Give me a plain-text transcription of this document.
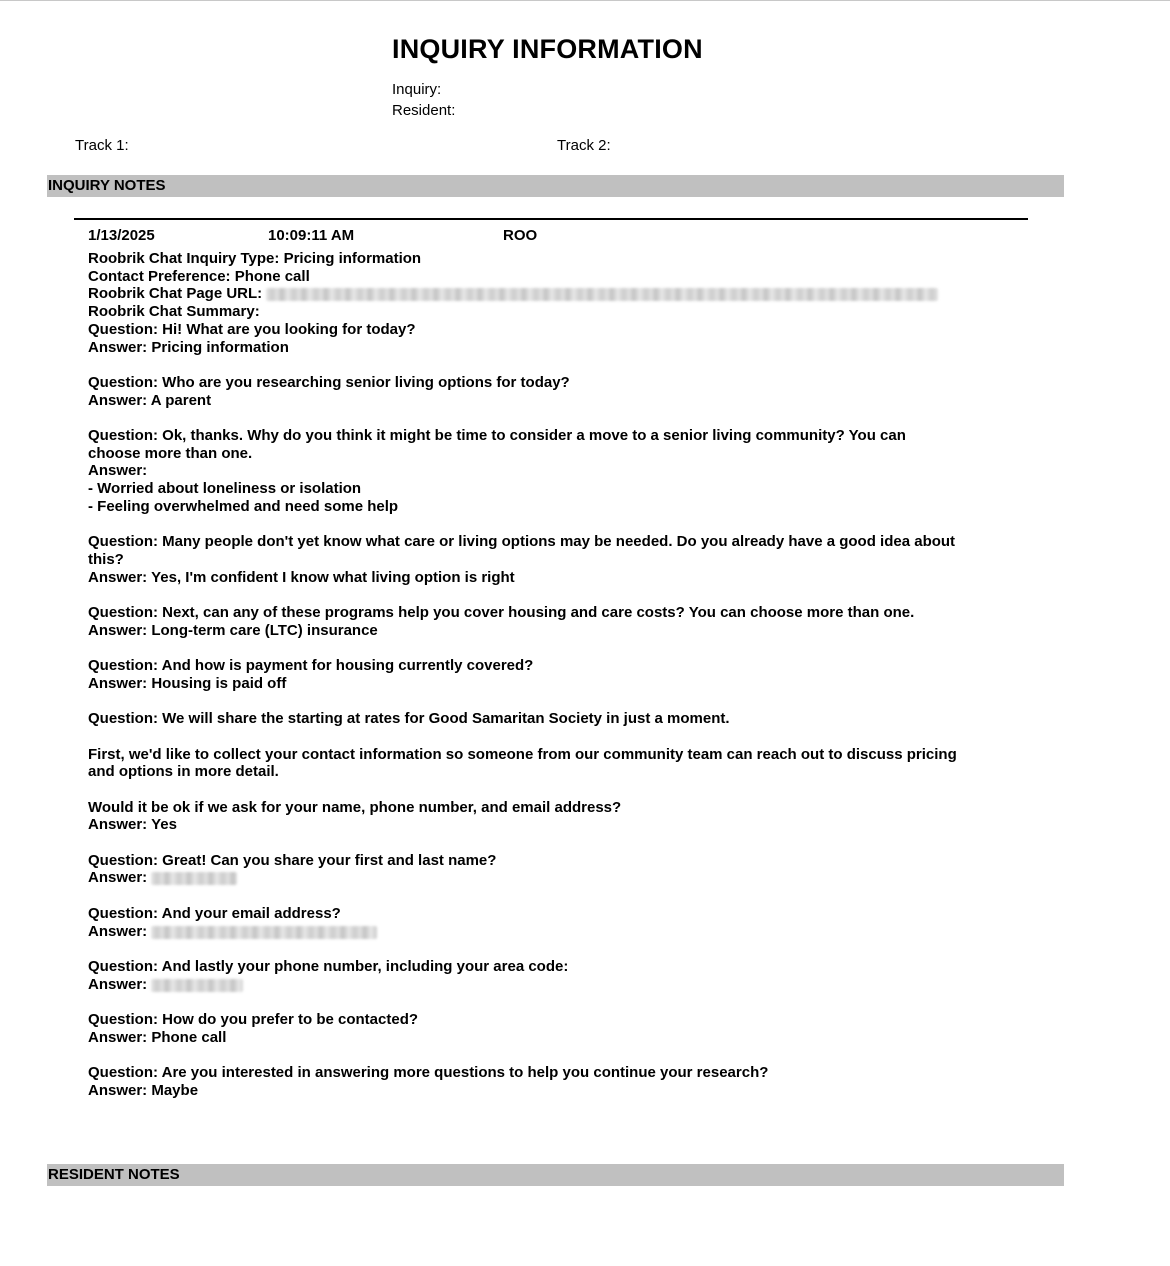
INQUIRY INFORMATION
Inquiry:
Resident:
Track 1:	Track 2:
INQUIRY NOTES
1/13/2025	10:09:11 AM	ROO
Roobrik Chat Inquiry Type: Pricing information
Contact Preference: Phone call
Roobrik Chat Page URL:
Roobrik Chat Summary:
Question: Hi! What are you looking for today?
Answer: Pricing information
Question: Who are you researching senior living options for today?
Answer: A parent
Question: Ok, thanks. Why do you think it might be time to consider a move to a senior living community? You can choose more than one.
Answer:
- Worried about loneliness or isolation
- Feeling overwhelmed and need some help
Question: Many people don't yet know what care or living options may be needed. Do you already have a good idea about this?
Answer: Yes, I'm confident I know what living option is right
Question: Next, can any of these programs help you cover housing and care costs? You can choose more than one.
Answer: Long-term care (LTC) insurance
Question: And how is payment for housing currently covered?
Answer: Housing is paid off
Question: We will share the starting at rates for Good Samaritan Society in just a moment.
First, we'd like to collect your contact information so someone from our community team can reach out to discuss pricing and options in more detail.
Would it be ok if we ask for your name, phone number, and email address?
Answer: Yes
Question: Great! Can you share your first and last name?
Answer:
Question: And your email address?
Answer:
Question: And lastly your phone number, including your area code:
Answer:
Question: How do you prefer to be contacted?
Answer: Phone call
Question: Are you interested in answering more questions to help you continue your research?
Answer: Maybe
RESIDENT NOTES
